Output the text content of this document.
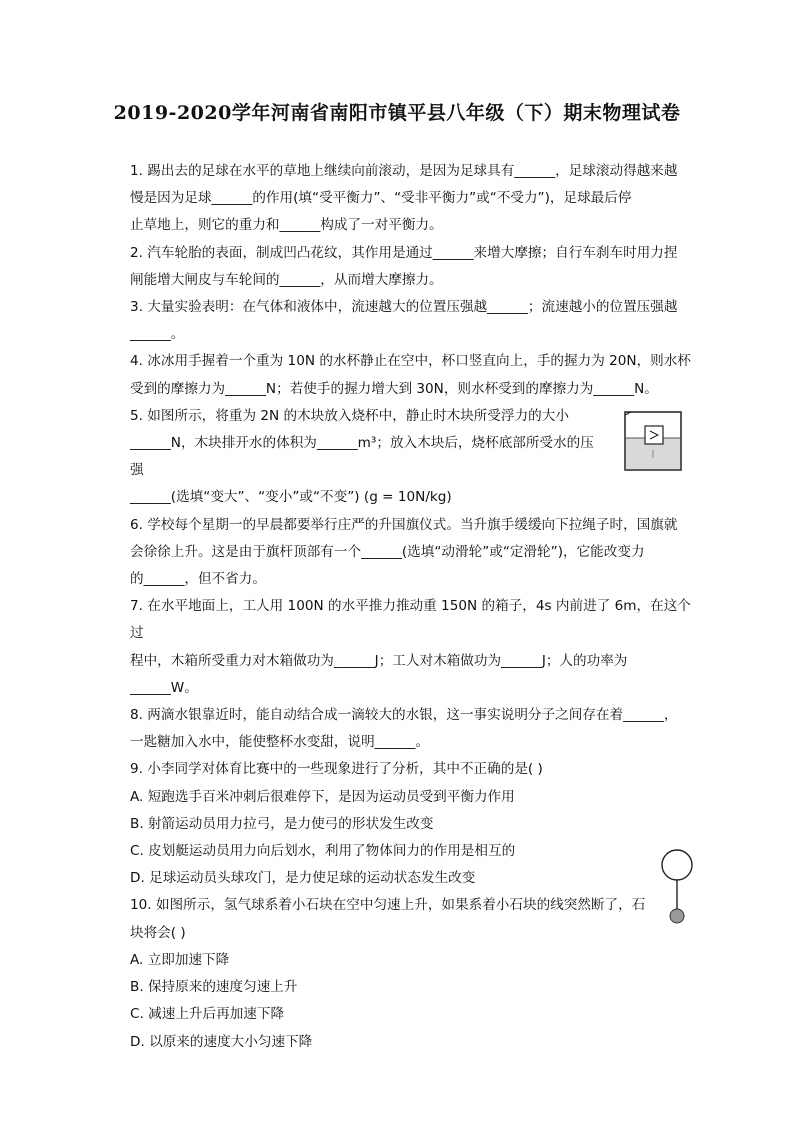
2019-2020学年河南省南阳市镇平县八年级（下）期末物理试卷

1. 踢出去的足球在水平的草地上继续向前滚动，是因为足球具有______，足球滚动得越来越

慢是因为足球______的作用(填“受平衡力”、“受非平衡力”或“不受力”)，足球最后停

止草地上，则它的重力和______构成了一对平衡力。

2. 汽车轮胎的表面，制成凹凸花纹，其作用是通过______来增大摩擦；自行车刹车时用力捏

闸能增大闸皮与车轮间的______，从而增大摩擦力。

3. 大量实验表明：在气体和液体中，流速越大的位置压强越______；流速越小的位置压强越

______。

4. 冰冰用手握着一个重为 10N 的水杯静止在空中，杯口竖直向上，手的握力为 20N，则水杯

受到的摩擦力为______N；若使手的握力增大到 30N，则水杯受到的摩擦力为______N。

5. 如图所示，将重为 2N 的木块放入烧杯中，静止时木块所受浮力的大小

______N，木块排开水的体积为______m³；放入木块后，烧杯底部所受水的压强

______(选填“变大”、“变小”或“不变”) (g = 10N/kg)

6. 学校每个星期一的早晨都要举行庄严的升国旗仪式。当升旗手缓缓向下拉绳子时，国旗就

会徐徐上升。这是由于旗杆顶部有一个______(选填“动滑轮”或“定滑轮”)，它能改变力

的______，但不省力。

7. 在水平地面上，工人用 100N 的水平推力推动重 150N 的箱子，4s 内前进了 6m，在这个过

程中，木箱所受重力对木箱做功为______J；工人对木箱做功为______J；人的功率为

______W。

8. 两滴水银靠近时，能自动结合成一滴较大的水银，这一事实说明分子之间存在着______，

一匙糖加入水中，能使整杯水变甜，说明______。

9. 小李同学对体育比赛中的一些现象进行了分析，其中不正确的是( )

A. 短跑选手百米冲刺后很难停下，是因为运动员受到平衡力作用

B. 射箭运动员用力拉弓，是力使弓的形状发生改变

C. 皮划艇运动员用力向后划水，利用了物体间力的作用是相互的

D. 足球运动员头球攻门，是力使足球的运动状态发生改变

10. 如图所示，氢气球系着小石块在空中匀速上升，如果系着小石块的线突然断了，石

块将会( )

A. 立即加速下降

B. 保持原来的速度匀速上升

C. 减速上升后再加速下降

D. 以原来的速度大小匀速下降
